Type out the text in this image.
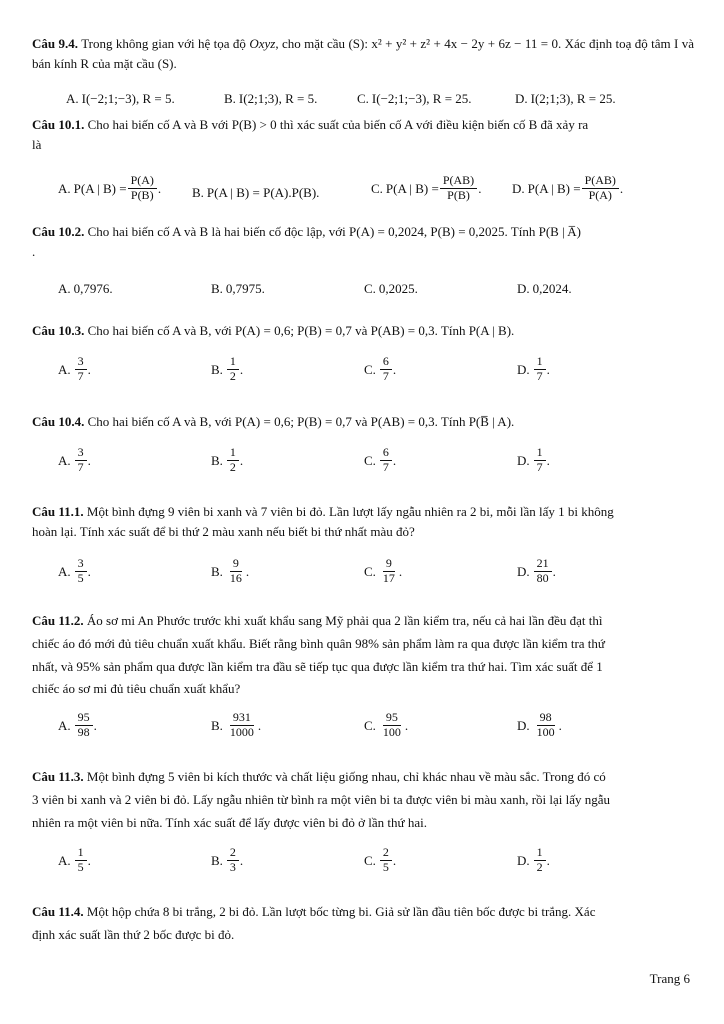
Câu 9.4. Trong không gian với hệ tọa độ Oxyz, cho mặt cầu (S): x² + y² + z² + 4x − 2y + 6z − 11 = 0. Xác định toạ độ tâm I và bán kính R của mặt cầu (S).

A. I(−2;1;−3), R = 5.	B. I(2;1;3), R = 5.	C. I(−2;1;−3), R = 25.	D. I(2;1;3), R = 25.

Câu 10.1. Cho hai biến cố A và B với P(B) > 0 thì xác suất của biến cố A với điều kiện biến cố B đã xảy ra
là

A. P(A | $B) = \frac{P(A)}{P(B)}$ . B. P(A | B) = P(A).P(B).	C. P(A | $B) = \frac{P(AB)}{P(B)}$ . D. P(A | $B) = \frac{P(AB)}{P(A)}$ .

Câu 10.2. Cho hai biến cố A và B là hai biến cố độc lập, với P(A) = 0,2024, P(B) = 0,2025. Tính P(B | A̅)
.

A. 0,7976.	B. 0,7975.	C. 0,2025.	D. 0,2024.

Câu 10.3. Cho hai biến cố A và B, với P(A) = 0,6; P(B) = 0,7 và P(AB) = 0,3. Tính P(A | B).

A. $\frac{3}{7}$ .	B. $\frac{1}{2}$ .	C. $\frac{6}{7}$ .	D. $\frac{1}{7}$ .

Câu 10.4. Cho hai biến cố A và B, với P(A) = 0,6; P(B) = 0,7 và P(AB) = 0,3. Tính P(B̅ | A).

A. $\frac{3}{7}$ .	B. $\frac{1}{2}$ .	C. $\frac{6}{7}$ .	D. $\frac{1}{7}$ .

Câu 11.1. Một bình đựng 9 viên bi xanh và 7 viên bi đỏ. Lần lượt lấy ngẫu nhiên ra 2 bi, mỗi lần lấy 1 bi không
hoàn lại. Tính xác suất để bi thứ 2 màu xanh nếu biết bi thứ nhất màu đỏ?

A. $\frac{3}{5}$ .	B. $\frac{9}{16}$ .	C. $\frac{9}{17}$ .	D. $\frac{21}{80}$ .

Câu 11.2. Áo sơ mi An Phước trước khi xuất khẩu sang Mỹ phải qua 2 lần kiểm tra, nếu cả hai lần đều đạt thì
chiếc áo đó mới đủ tiêu chuẩn xuất khẩu. Biết rằng bình quân 98% sản phẩm làm ra qua được lần kiểm tra thứ
nhất, và 95% sản phẩm qua được lần kiểm tra đầu sẽ tiếp tục qua được lần kiểm tra thứ hai. Tìm xác suất để 1
chiếc áo sơ mi đủ tiêu chuẩn xuất khẩu?

A. $\frac{95}{98}$ .	B. $\frac{931}{1000}$ .	C. $\frac{95}{100}$ .	D. $\frac{98}{100}$ .

Câu 11.3. Một bình đựng 5 viên bi kích thước và chất liệu giống nhau, chỉ khác nhau về màu sắc. Trong đó có
3 viên bi xanh và 2 viên bi đỏ. Lấy ngẫu nhiên từ bình ra một viên bi ta được viên bi màu xanh, rồi lại lấy ngẫu
nhiên ra một viên bi nữa. Tính xác suất để lấy được viên bi đỏ ở lần thứ hai.

A. $\frac{1}{5}$ .	B. $\frac{2}{3}$ .	C. $\frac{2}{5}$ .	D. $\frac{1}{2}$ .

Câu 11.4. Một hộp chứa 8 bi trắng, 2 bi đỏ. Lần lượt bốc từng bi. Giả sử lần đầu tiên bốc được bi trắng. Xác
định xác suất lần thứ 2 bốc được bi đỏ.

Trang 6
